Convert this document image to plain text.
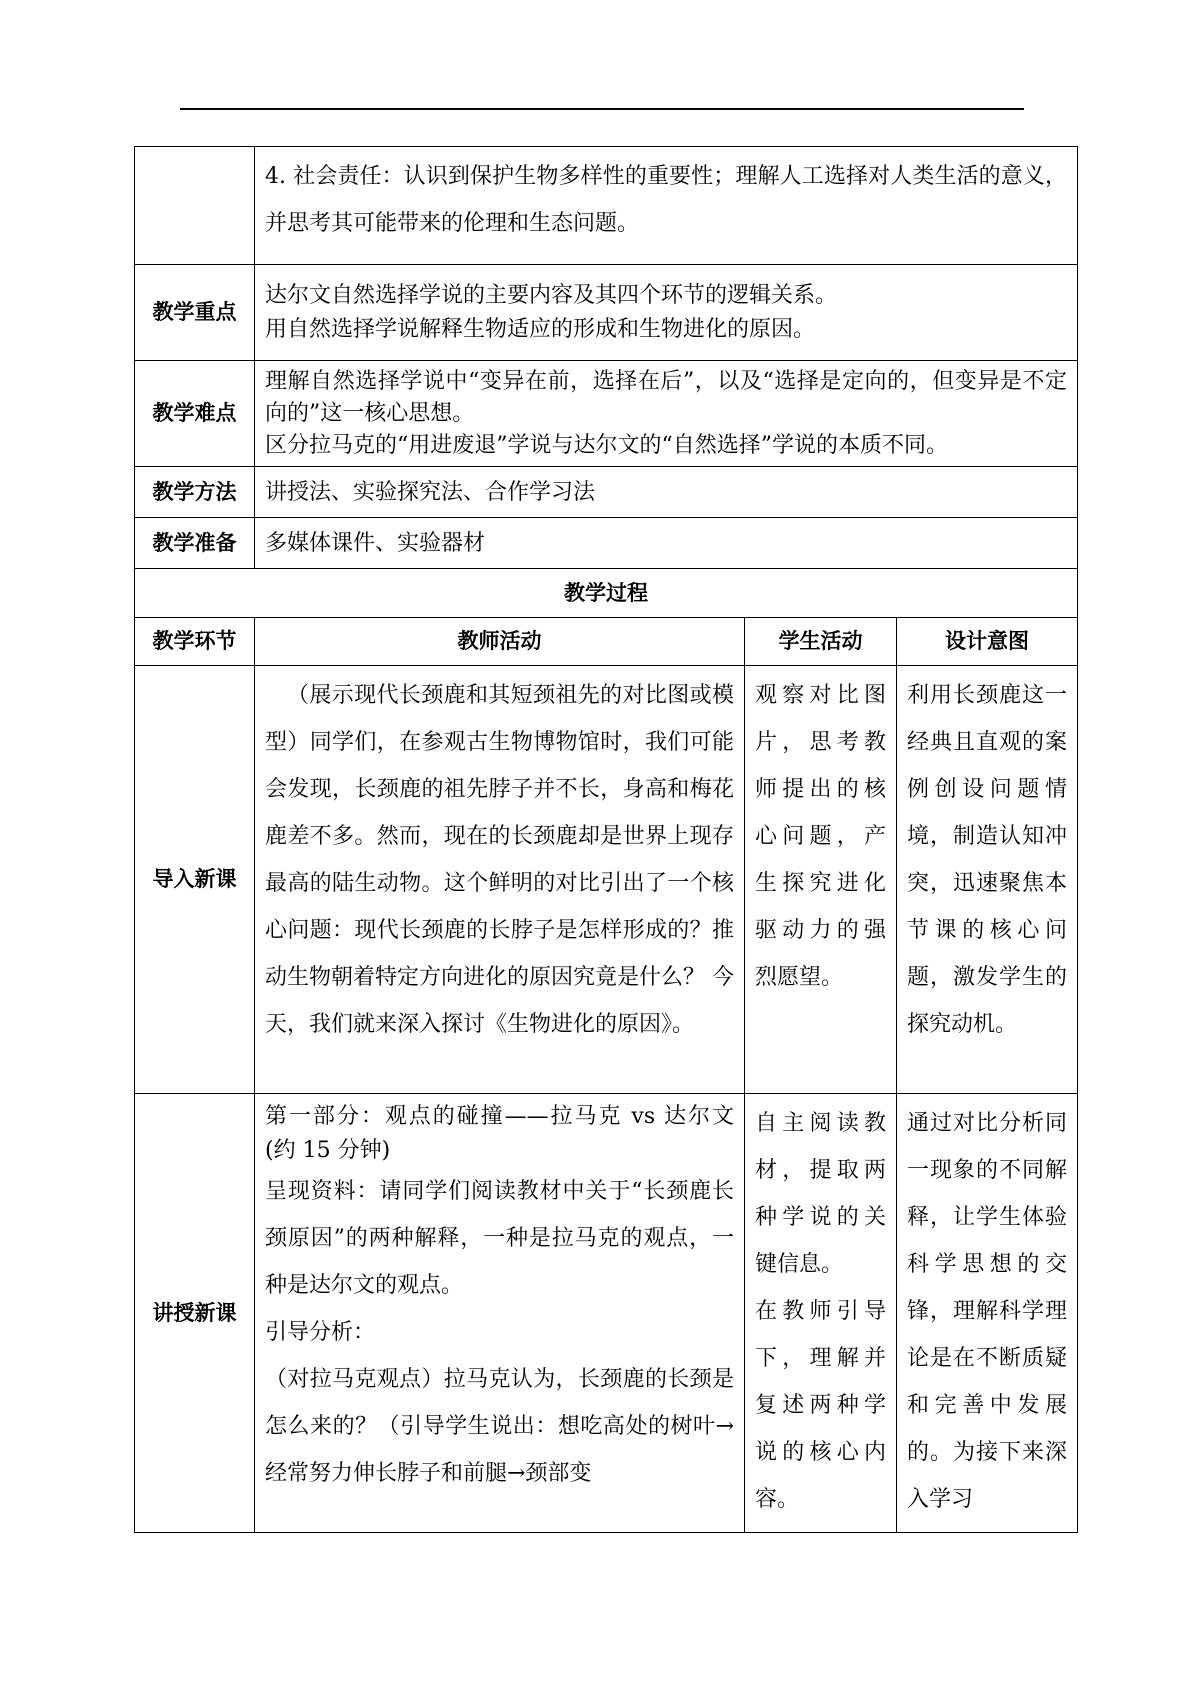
	4. 社会责任：认识到保护生物多样性的重要性；理解人工选择对人类生活的意义，并思考其可能带来的伦理和生态问题。		
教学重点	达尔文自然选择学说的主要内容及其四个环节的逻辑关系。
用自然选择学说解释生物适应的形成和生物进化的原因。		

教学难点	理解自然选择学说中“变异在前，选择在后”，以及“选择是定向的，但变异是不定向的”这一核心思想。
区分拉马克的“用进废退”学说与达尔文的“自然选择”学说的本质不同。		

教学方法	讲授法、实验探究法、合作学习法		
教学准备	多媒体课件、实验器材		
教学过程			
教学环节	教师活动	学生活动	设计意图
导入新课	（展示现代长颈鹿和其短颈祖先的对比图或模型）同学们，在参观古生物博物馆时，我们可能会发现，长颈鹿的祖先脖子并不长，身高和梅花鹿差不多。然而，现在的长颈鹿却是世界上现存最高的陆生动物。这个鲜明的对比引出了一个核心问题：现代长颈鹿的长脖子是怎样形成的？推动生物朝着特定方向进化的原因究竟是什么？ 今天，我们就来深入探讨《生物进化的原因》。	观察对比图片，思考教师提出的核心问题，产生探究进化驱动力的强烈愿望。	利用长颈鹿这一经典且直观的案例创设问题情境，制造认知冲突，迅速聚焦本节课的核心问题，激发学生的探究动机。
讲授新课	第一部分：观点的碰撞——拉马克 vs 达尔文 (约 15 分钟)
呈现资料：请同学们阅读教材中关于“长颈鹿长颈原因”的两种解释，一种是拉马克的观点，一种是达尔文的观点。
引导分析：
（对拉马克观点）拉马克认为，长颈鹿的长颈是怎么来的？（引导学生说出：想吃高处的树叶→经常努力伸长脖子和前腿→颈部变	自主阅读教材，提取两种学说的关键信息。
在教师引导下，理解并复述两种学说的核心内容。	通过对比分析同一现象的不同解释，让学生体验科学思想的交锋，理解科学理论是在不断质疑和完善中发展的。为接下来深入学习
